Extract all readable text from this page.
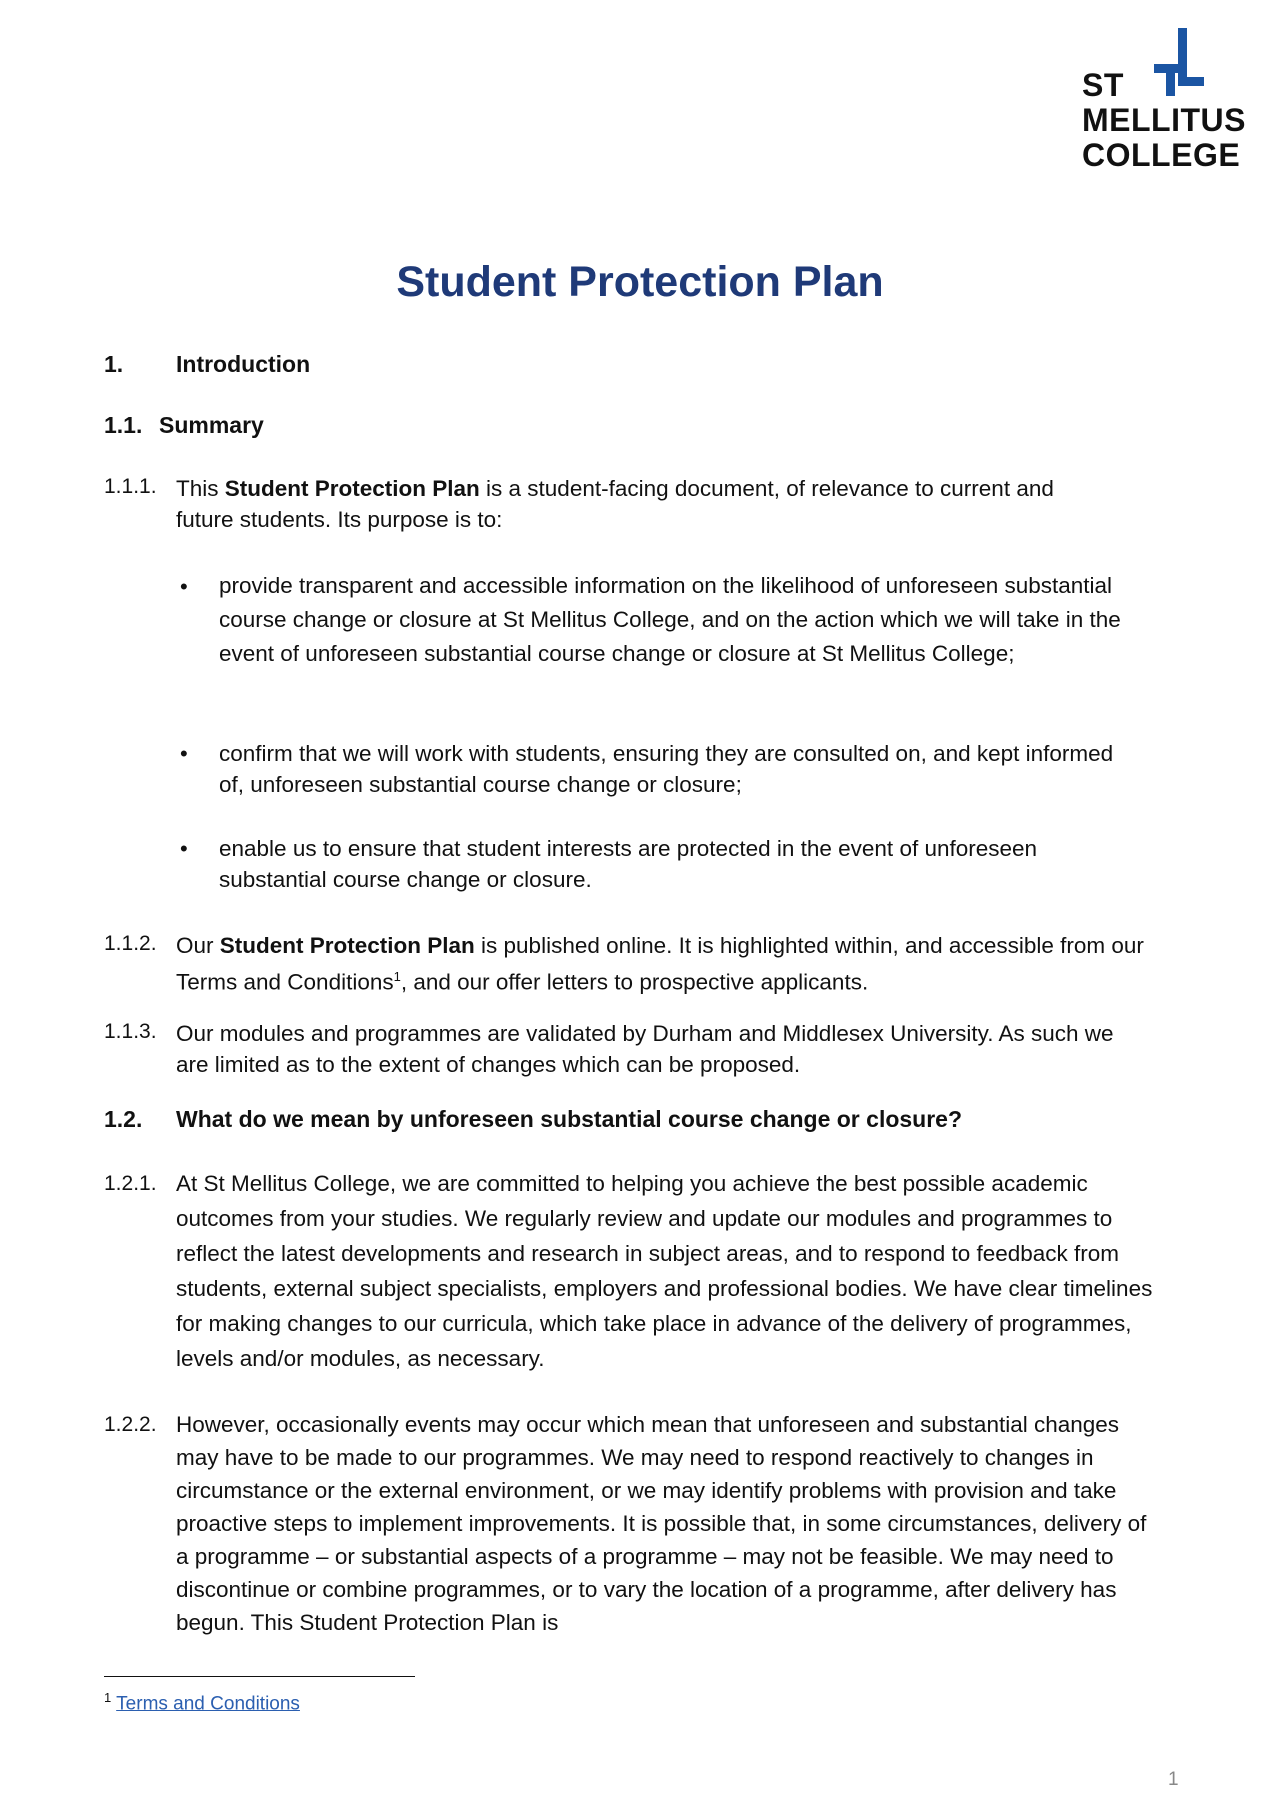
ST
MELLITUS
COLLEGE
Student Protection Plan
1. Introduction
1.1. Summary
1.1.1. This Student Protection Plan is a student-facing document, of relevance to current and future students. Its purpose is to:
• provide transparent and accessible information on the likelihood of unforeseen substantial course change or closure at St Mellitus College, and on the action which we will take in the event of unforeseen substantial course change or closure at St Mellitus College;
• confirm that we will work with students, ensuring they are consulted on, and kept informed of, unforeseen substantial course change or closure;
• enable us to ensure that student interests are protected in the event of unforeseen substantial course change or closure.
1.1.2. Our Student Protection Plan is published online. It is highlighted within, and accessible from our Terms and Conditions$^1$, and our offer letters to prospective applicants.
1.1.3. Our modules and programmes are validated by Durham and Middlesex University. As such we are limited as to the extent of changes which can be proposed.
1.2. What do we mean by unforeseen substantial course change or closure?
1.2.1. At St Mellitus College, we are committed to helping you achieve the best possible academic outcomes from your studies. We regularly review and update our modules and programmes to reflect the latest developments and research in subject areas, and to respond to feedback from students, external subject specialists, employers and professional bodies. We have clear timelines for making changes to our curricula, which take place in advance of the delivery of programmes, levels and/or modules, as necessary.
1.2.2. However, occasionally events may occur which mean that unforeseen and substantial changes may have to be made to our programmes. We may need to respond reactively to changes in circumstance or the external environment, or we may identify problems with provision and take proactive steps to implement improvements. It is possible that, in some circumstances, delivery of a programme – or substantial aspects of a programme – may not be feasible. We may need to discontinue or combine programmes, or to vary the location of a programme, after delivery has begun. This Student Protection Plan is
$^1$ Terms and Conditions
1
